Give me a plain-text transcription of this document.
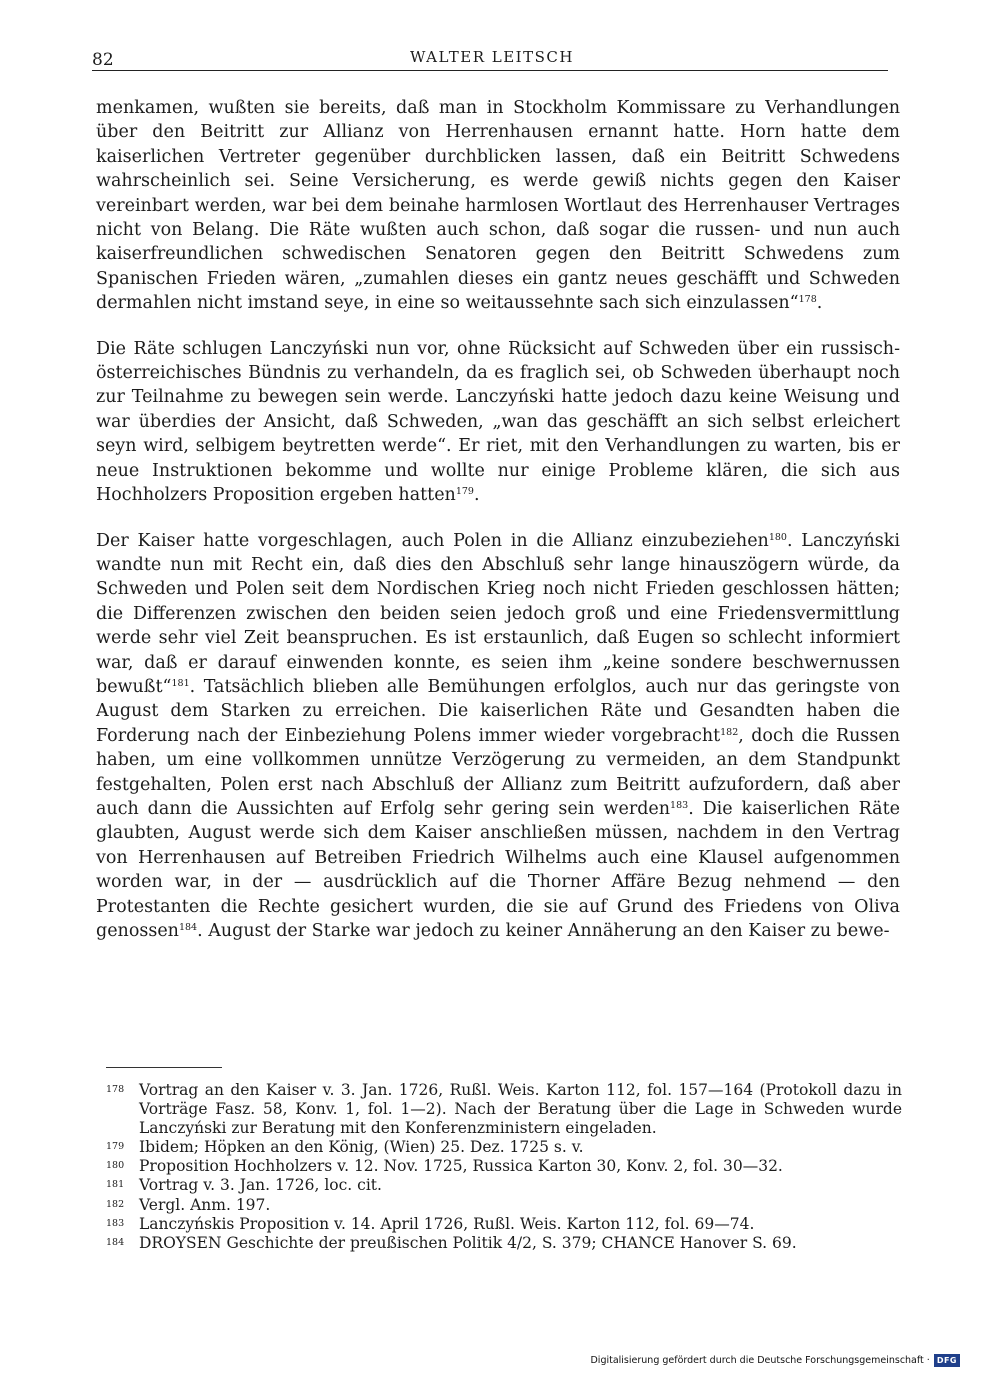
82	WALTER LEITSCH

menkamen, wußten sie bereits, daß man in Stockholm Kommissare zu Verhandlungen über den Beitritt zur Allianz von Herrenhausen ernannt hatte. Horn hatte dem kaiserlichen Vertreter gegenüber durchblicken lassen, daß ein Beitritt Schwedens wahrscheinlich sei. Seine Versicherung, es werde gewiß nichts gegen den Kaiser vereinbart werden, war bei dem beinahe harmlosen Wortlaut des Herrenhauser Vertrages nicht von Belang. Die Räte wußten auch schon, daß sogar die russen- und nun auch kaiserfreundlichen schwedischen Senatoren gegen den Beitritt Schwedens zum Spanischen Frieden wären, „zumahlen dieses ein gantz neues geschäfft und Schweden dermahlen nicht imstand seye, in eine so weitaussehnte sach sich einzulassen“$^{178}$.

Die Räte schlugen Lanczyński nun vor, ohne Rücksicht auf Schweden über ein russisch-österreichisches Bündnis zu verhandeln, da es fraglich sei, ob Schweden überhaupt noch zur Teilnahme zu bewegen sein werde. Lanczyński hatte jedoch dazu keine Weisung und war überdies der Ansicht, daß Schweden, „wan das geschäfft an sich selbst erleichert seyn wird, selbigem beytretten werde“. Er riet, mit den Verhandlungen zu warten, bis er neue Instruktionen bekomme und wollte nur einige Probleme klären, die sich aus Hochholzers Proposition ergeben hatten$^{179}$.

Der Kaiser hatte vorgeschlagen, auch Polen in die Allianz einzubeziehen$^{180}$. Lanczyński wandte nun mit Recht ein, daß dies den Abschluß sehr lange hinauszögern würde, da Schweden und Polen seit dem Nordischen Krieg noch nicht Frieden geschlossen hätten; die Differenzen zwischen den beiden seien jedoch groß und eine Friedensvermittlung werde sehr viel Zeit beanspruchen. Es ist erstaunlich, daß Eugen so schlecht informiert war, daß er darauf einwenden konnte, es seien ihm „keine sondere beschwernussen bewußt“$^{181}$. Tatsächlich blieben alle Bemühungen erfolglos, auch nur das geringste von August dem Starken zu erreichen. Die kaiserlichen Räte und Gesandten haben die Forderung nach der Einbeziehung Polens immer wieder vorgebracht$^{182}$, doch die Russen haben, um eine vollkommen unnütze Verzögerung zu vermeiden, an dem Standpunkt festgehalten, Polen erst nach Abschluß der Allianz zum Beitritt aufzufordern, daß aber auch dann die Aussichten auf Erfolg sehr gering sein werden$^{183}$. Die kaiserlichen Räte glaubten, August werde sich dem Kaiser anschließen müssen, nachdem in den Vertrag von Herrenhausen auf Betreiben Friedrich Wilhelms auch eine Klausel aufgenommen worden war, in der — ausdrücklich auf die Thorner Affäre Bezug nehmend — den Protestanten die Rechte gesichert wurden, die sie auf Grund des Friedens von Oliva genossen$^{184}$. August der Starke war jedoch zu keiner Annäherung an den Kaiser zu bewe-

178 Vortrag an den Kaiser v. 3. Jan. 1726, Rußl. Weis. Karton 112, fol. 157—164 (Protokoll dazu in Vorträge Fasz. 58, Konv. 1, fol. 1—2). Nach der Beratung über die Lage in Schweden wurde Lanczyński zur Beratung mit den Konferenzministern eingeladen.

179 Ibidem; Höpken an den König, (Wien) 25. Dez. 1725 s. v.

180 Proposition Hochholzers v. 12. Nov. 1725, Russica Karton 30, Konv. 2, fol. 30—32.

181 Vortrag v. 3. Jan. 1726, loc. cit.

182 Vergl. Anm. 197.

183 Lanczyńskis Proposition v. 14. April 1726, Rußl. Weis. Karton 112, fol. 69—74.

184 DROYSEN Geschichte der preußischen Politik 4/2, S. 379; CHANCE Hanover S. 69.

Digitalisierung gefördert durch die Deutsche Forschungsgemeinschaft · DFG
